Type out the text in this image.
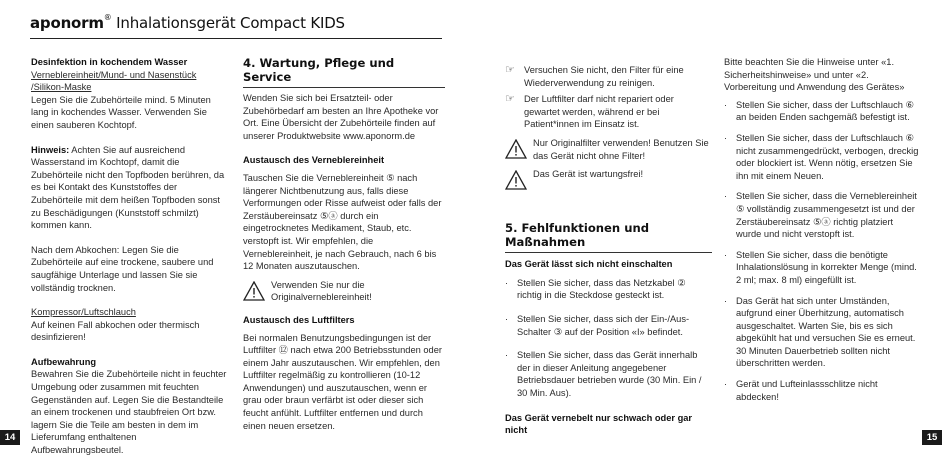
aponorm® Inhalationsgerät Compact KIDS

Desinfektion in kochendem Wasser

Verneblereinheit/Mund- und Nasenstück /Silikon-Maske

Legen Sie die Zubehörteile mind. 5 Minuten lang in kochendes Wasser. Verwenden Sie einen sauberen Kochtopf.

Hinweis: Achten Sie auf ausreichend Wasserstand im Kochtopf, damit die Zubehörteile nicht den Topfboden berühren, da es bei Kontakt des Kunststoffes der Zubehörteile mit dem heißen Topfboden sonst zu Beschädigungen (Kunststoff schmilzt) kommen kann.

Nach dem Abkochen: Legen Sie die Zubehörteile auf eine trockene, saubere und saugfähige Unterlage und lassen Sie sie vollständig trocknen.

Kompressor/Luftschlauch

Auf keinen Fall abkochen oder thermisch desinfizieren!

Aufbewahrung

Bewahren Sie die Zubehörteile nicht in feuchter Umgebung oder zusammen mit feuchten Gegenständen auf. Legen Sie die Bestandteile an einem trockenen und staubfreien Ort bzw. lagern Sie die Teile am besten in dem im Lieferumfang enthaltenen Aufbewahrungsbeutel.

4. Wartung, Pflege und Service

Wenden Sie sich bei Ersatzteil- oder Zubehörbedarf am besten an Ihre Apotheke vor Ort. Eine Übersicht der Zubehörteile finden auf unserer Produktwebsite www.aponorm.de

Austausch des Verneblereinheit

Tauschen Sie die Verneblereinheit ⑤ nach längerer Nichtbenutzung aus, falls diese Verformungen oder Risse aufweist oder falls der Zerstäubereinsatz ⑤ⓐ durch ein eingetrocknetes Medikament, Staub, etc. verstopft ist. Wir empfehlen, die Verneblereinheit, je nach Gebrauch, nach 6 bis 12 Monaten auszutauschen.

Verwenden Sie nur die Originalverneblereinheit!

Austausch des Luftfilters

Bei normalen Benutzungsbedingungen ist der Luftfilter ⑫ nach etwa 200 Betriebsstunden oder einem Jahr auszutauschen. Wir empfehlen, den Luftfilter regelmäßig zu kontrollieren (10-12 Anwendungen) und auszutauschen, wenn er grau oder braun verfärbt ist oder dieser sich feucht anfühlt. Luftfilter entfernen und durch einen neuen ersetzen.

☞ Versuchen Sie nicht, den Filter für eine Wiederverwendung zu reinigen.
☞ Der Luftfilter darf nicht repariert oder gewartet werden, während er bei Patient*innen im Einsatz ist.
Nur Originalfilter verwenden! Benutzen Sie das Gerät nicht ohne Filter!
Das Gerät ist wartungsfrei!
5. Fehlfunktionen und Maßnahmen

Das Gerät lässt sich nicht einschalten

· Stellen Sie sicher, dass das Netzkabel ② richtig in die Steckdose gesteckt ist.
· Stellen Sie sicher, dass sich der Ein-/Aus-Schalter ③ auf der Position «I» befindet.
· Stellen Sie sicher, dass das Gerät innerhalb der in dieser Anleitung angegebener Betriebsdauer betrieben wurde (30 Min. Ein / 30 Min. Aus).

Das Gerät vernebelt nur schwach oder gar nicht

Bitte beachten Sie die Hinweise unter «1. Sicherheitshinweise» und unter «2. Vorbereitung und Anwendung des Gerätes»

· Stellen Sie sicher, dass der Luftschlauch ⑥ an beiden Enden sachgemäß befestigt ist.
· Stellen Sie sicher, dass der Luftschlauch ⑥ nicht zusammengedrückt, verbogen, dreckig oder blockiert ist. Wenn nötig, ersetzen Sie ihn mit einem Neuen.
· Stellen Sie sicher, dass die Verneblereinheit ⑤ vollständig zusammengesetzt ist und der Zerstäubereinsatz ⑤ⓐ richtig platziert wurde und nicht verstopft ist.
· Stellen Sie sicher, dass die benötigte Inhalationslösung in korrekter Menge (mind. 2 ml; max. 8 ml) eingefüllt ist.
· Das Gerät hat sich unter Umständen, aufgrund einer Überhitzung, automatisch ausgeschaltet. Warten Sie, bis es sich abgekühlt hat und versuchen Sie es erneut. 30 Minuten Dauerbetrieb sollten nicht überschritten werden.
· Gerät und Lufteinlassschlitze nicht abdecken!
14	15
